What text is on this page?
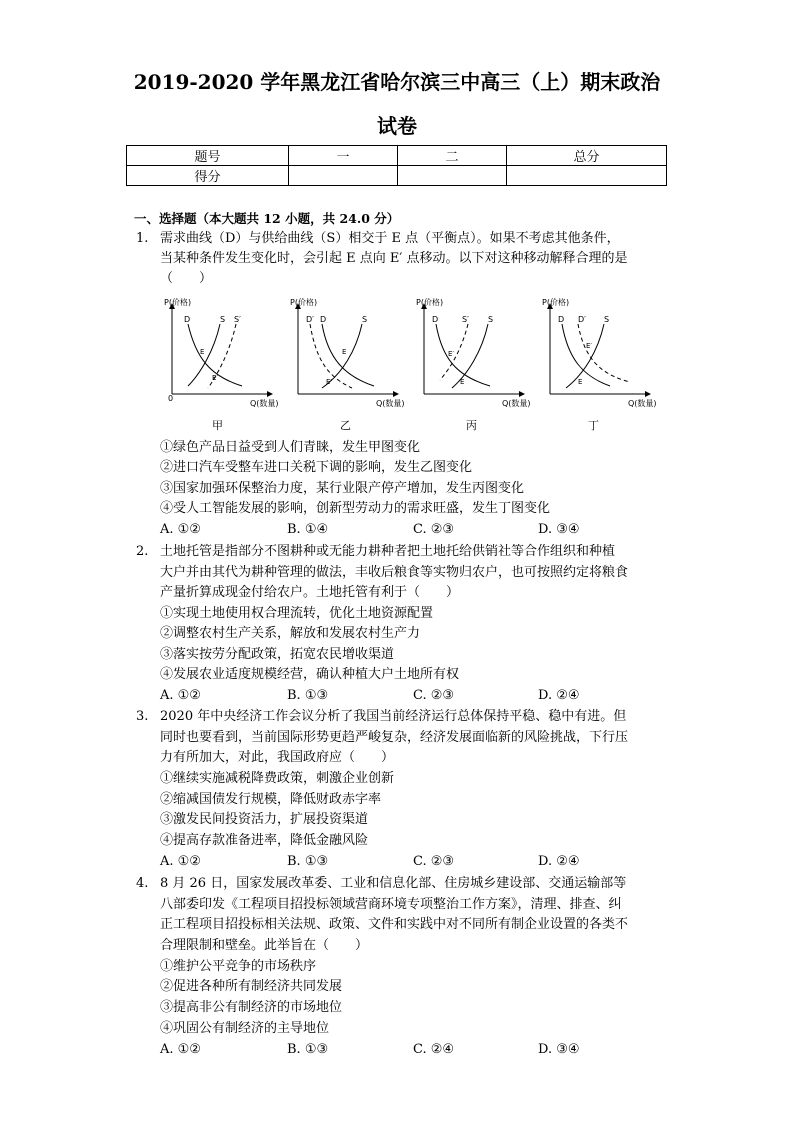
2019-2020 学年黑龙江省哈尔滨三中高三（上）期末政治
试卷
题号	一	二	总分
得分			
一、选择题（本大题共 12 小题，共 24.0 分）
1. 需求曲线（D）与供给曲线（S）相交于 E 点（平衡点）。如果不考虑其他条件，
当某种条件发生变化时，会引起 E 点向 E′ 点移动。以下对这种移动解释合理的是
（　　）
P(价格)
Q(数量)
0
D	S S′
E
E′
P(价格)
Q(数量)
D′ D	S
E
E′
P(价格)
Q(数量)
D	S′ S
E′
E
P(价格)
Q(数量)
D D′ S
E′
E
甲	乙	丙	丁
①绿色产品日益受到人们青睐，发生甲图变化
②进口汽车受整车进口关税下调的影响，发生乙图变化
③国家加强环保整治力度，某行业限产停产增加，发生丙图变化
④受人工智能发展的影响，创新型劳动力的需求旺盛，发生丁图变化
A. ①②	B. ①④	C. ②③	D. ③④
2. 土地托管是指部分不图耕种或无能力耕种者把土地托给供销社等合作组织和种植
大户并由其代为耕种管理的做法，丰收后粮食等实物归农户，也可按照约定将粮食
产量折算成现金付给农户。土地托管有利于（　　）
①实现土地使用权合理流转，优化土地资源配置
②调整农村生产关系，解放和发展农村生产力
③落实按劳分配政策，拓宽农民增收渠道
④发展农业适度规模经营，确认种植大户土地所有权
A. ①②	B. ①③	C. ②③	D. ②④
3. 2020 年中央经济工作会议分析了我国当前经济运行总体保持平稳、稳中有进。但
同时也要看到，当前国际形势更趋严峻复杂，经济发展面临新的风险挑战，下行压
力有所加大，对此，我国政府应（　　）
①继续实施减税降费政策，刺激企业创新
②缩减国债发行规模，降低财政赤字率
③激发民间投资活力，扩展投资渠道
④提高存款准备进率，降低金融风险
A. ①②	B. ①③	C. ②③	D. ②④
4. 8 月 26 日，国家发展改革委、工业和信息化部、住房城乡建设部、交通运输部等
八部委印发《工程项目招投标领域营商环境专项整治工作方案》，清理、排查、纠
正工程项目招投标相关法规、政策、文件和实践中对不同所有制企业设置的各类不
合理限制和壁垒。此举旨在（　　）
①维护公平竞争的市场秩序
②促进各种所有制经济共同发展
③提高非公有制经济的市场地位
④巩固公有制经济的主导地位
A. ①②	B. ①③	C. ②④	D. ③④
